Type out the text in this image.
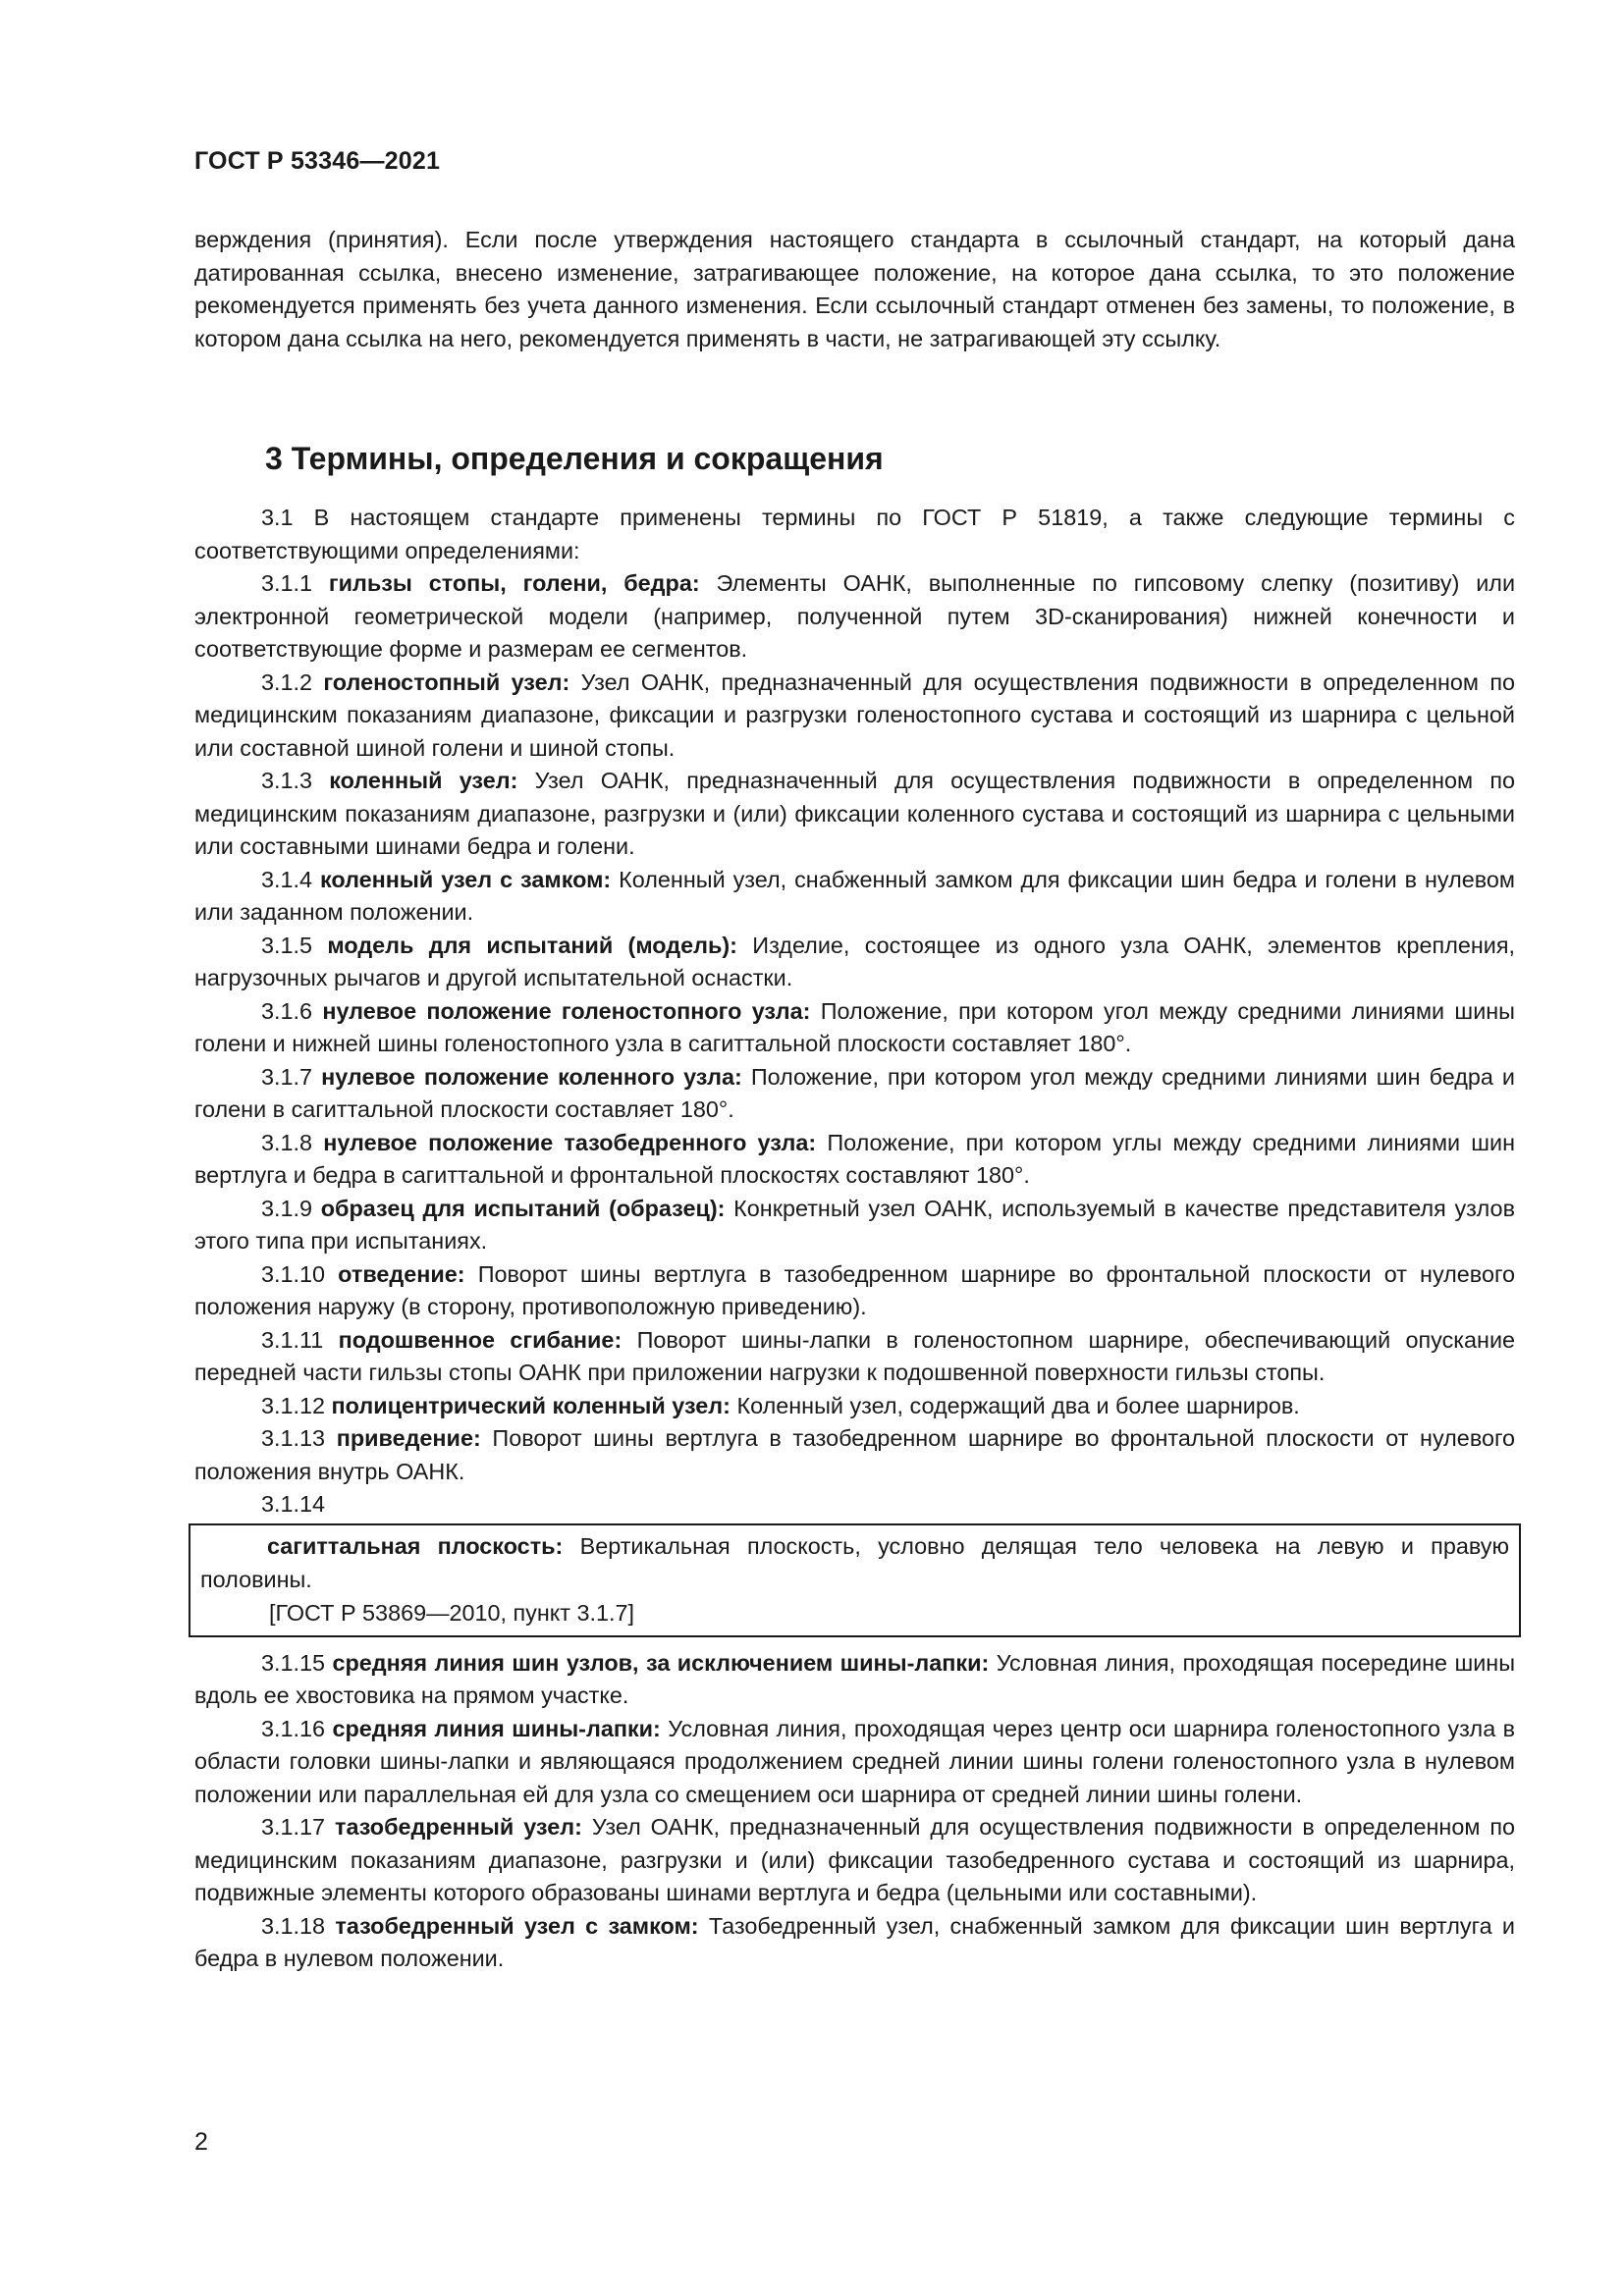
ГОСТ Р 53346—2021

верждения (принятия). Если после утверждения настоящего стандарта в ссылочный стандарт, на который дана датированная ссылка, внесено изменение, затрагивающее положение, на которое дана ссылка, то это положение рекомендуется применять без учета данного изменения. Если ссылочный стандарт отменен без замены, то положение, в котором дана ссылка на него, рекомендуется применять в части, не затрагивающей эту ссылку.

3 Термины, определения и сокращения

3.1 В настоящем стандарте применены термины по ГОСТ Р 51819, а также следующие термины с соответствующими определениями:

3.1.1 гильзы стопы, голени, бедра: Элементы ОАНК, выполненные по гипсовому слепку (позитиву) или электронной геометрической модели (например, полученной путем 3D-сканирования) нижней конечности и соответствующие форме и размерам ее сегментов.

3.1.2 голеностопный узел: Узел ОАНК, предназначенный для осуществления подвижности в определенном по медицинским показаниям диапазоне, фиксации и разгрузки голеностопного сустава и состоящий из шарнира с цельной или составной шиной голени и шиной стопы.

3.1.3 коленный узел: Узел ОАНК, предназначенный для осуществления подвижности в определенном по медицинским показаниям диапазоне, разгрузки и (или) фиксации коленного сустава и состоящий из шарнира с цельными или составными шинами бедра и голени.

3.1.4 коленный узел с замком: Коленный узел, снабженный замком для фиксации шин бедра и голени в нулевом или заданном положении.

3.1.5 модель для испытаний (модель): Изделие, состоящее из одного узла ОАНК, элементов крепления, нагрузочных рычагов и другой испытательной оснастки.

3.1.6 нулевое положение голеностопного узла: Положение, при котором угол между средними линиями шины голени и нижней шины голеностопного узла в сагиттальной плоскости составляет 180°.

3.1.7 нулевое положение коленного узла: Положение, при котором угол между средними линиями шин бедра и голени в сагиттальной плоскости составляет 180°.

3.1.8 нулевое положение тазобедренного узла: Положение, при котором углы между средними линиями шин вертлуга и бедра в сагиттальной и фронтальной плоскостях составляют 180°.

3.1.9 образец для испытаний (образец): Конкретный узел ОАНК, используемый в качестве представителя узлов этого типа при испытаниях.

3.1.10 отведение: Поворот шины вертлуга в тазобедренном шарнире во фронтальной плоскости от нулевого положения наружу (в сторону, противоположную приведению).

3.1.11 подошвенное сгибание: Поворот шины-лапки в голеностопном шарнире, обеспечивающий опускание передней части гильзы стопы ОАНК при приложении нагрузки к подошвенной поверхности гильзы стопы.

3.1.12 полицентрический коленный узел: Коленный узел, содержащий два и более шарниров.

3.1.13 приведение: Поворот шины вертлуга в тазобедренном шарнире во фронтальной плоскости от нулевого положения внутрь ОАНК.

3.1.14

сагиттальная плоскость: Вертикальная плоскость, условно делящая тело человека на левую и правую половины.

[ГОСТ Р 53869—2010, пункт 3.1.7]

3.1.15 средняя линия шин узлов, за исключением шины-лапки: Условная линия, проходящая посередине шины вдоль ее хвостовика на прямом участке.

3.1.16 средняя линия шины-лапки: Условная линия, проходящая через центр оси шарнира голеностопного узла в области головки шины-лапки и являющаяся продолжением средней линии шины голени голеностопного узла в нулевом положении или параллельная ей для узла со смещением оси шарнира от средней линии шины голени.

3.1.17 тазобедренный узел: Узел ОАНК, предназначенный для осуществления подвижности в определенном по медицинским показаниям диапазоне, разгрузки и (или) фиксации тазобедренного сустава и состоящий из шарнира, подвижные элементы которого образованы шинами вертлуга и бедра (цельными или составными).

3.1.18 тазобедренный узел с замком: Тазобедренный узел, снабженный замком для фиксации шин вертлуга и бедра в нулевом положении.

2
